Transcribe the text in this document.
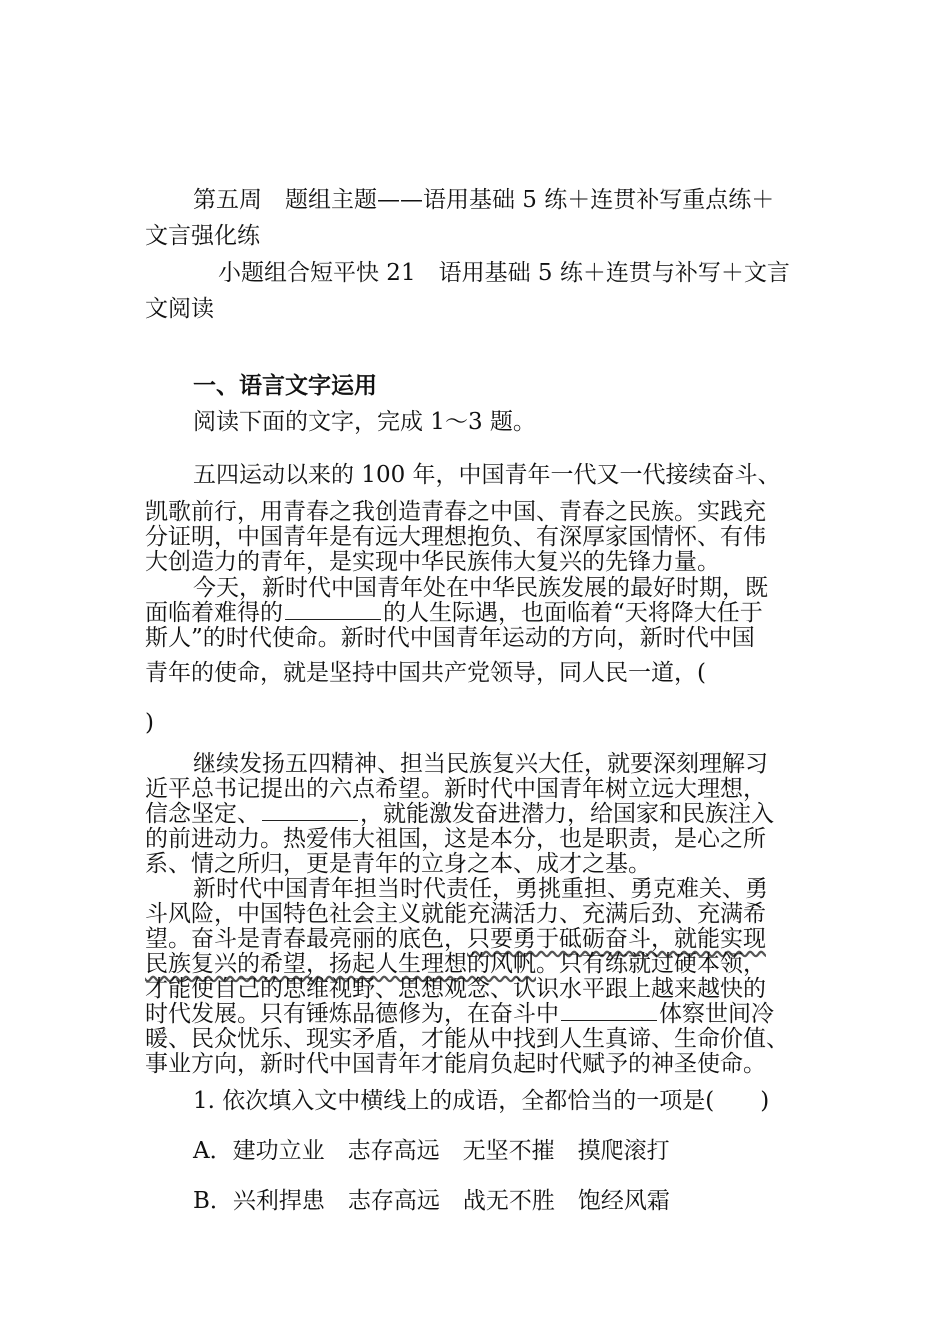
第五周　题组主题——语用基础 5 练＋连贯补写重点练＋
文言强化练
小题组合短平快 21　语用基础 5 练＋连贯与补写＋文言
文阅读
一、语言文字运用
阅读下面的文字，完成 1～3 题。
五四运动以来的 100 年，中国青年一代又一代接续奋斗、
凯歌前行，用青春之我创造青春之中国、青春之民族。实践充
分证明，中国青年是有远大理想抱负、有深厚家国情怀、有伟
大创造力的青年，是实现中华民族伟大复兴的先锋力量。
今天，新时代中国青年处在中华民族发展的最好时期，既
面临着难得的	的人生际遇，也面临着“天将降大任于
斯人”的时代使命。新时代中国青年运动的方向，新时代中国
青年的使命，就是坚持中国共产党领导，同人民一道，(
)
继续发扬五四精神、担当民族复兴大任，就要深刻理解习
近平总书记提出的六点希望。新时代中国青年树立远大理想，
信念坚定、	，就能激发奋进潜力，给国家和民族注入
的前进动力。热爱伟大祖国，这是本分，也是职责，是心之所
系、情之所归，更是青年的立身之本、成才之基。
新时代中国青年担当时代责任，勇挑重担、勇克难关、勇
斗风险，中国特色社会主义就能充满活力、充满后劲、充满希
望。奋斗是青春最亮丽的底色，只要勇于砥砺奋斗，就能实现
民族复兴的希望，扬起人生理想的风帆。只有练就过硬本领，
才能使自己的思维视野、思想观念、认识水平跟上越来越快的
时代发展。只有锤炼品德修为，在奋斗中	体察世间冷
暖、民众忧乐、现实矛盾，才能从中找到人生真谛、生命价值、
事业方向，新时代中国青年才能肩负起时代赋予的神圣使命。
1. 依次填入文中横线上的成语，全都恰当的一项是(　　)
A．建功立业　志存高远　无坚不摧　摸爬滚打
B．兴利捍患　志存高远　战无不胜　饱经风霜
